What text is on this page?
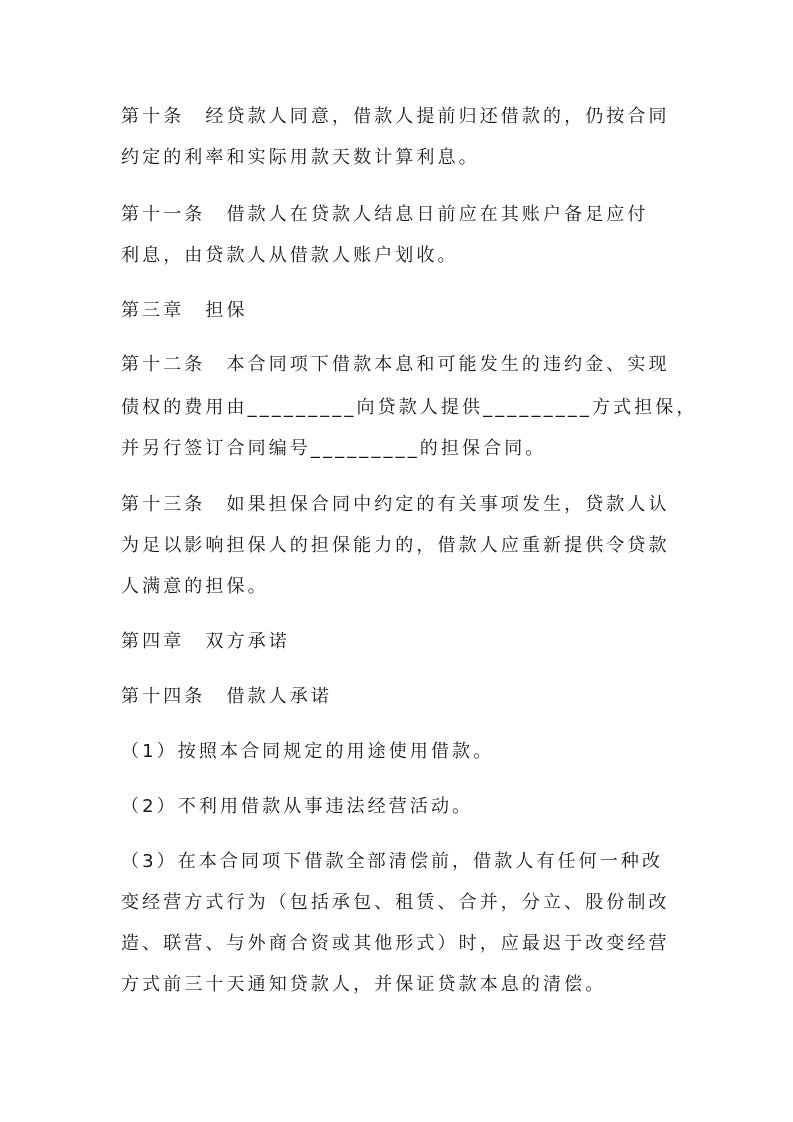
第十条　经贷款人同意，借款人提前归还借款的，仍按合同
约定的利率和实际用款天数计算利息。
第十一条　借款人在贷款人结息日前应在其账户备足应付
利息，由贷款人从借款人账户划收。
第三章　担保
第十二条　本合同项下借款本息和可能发生的违约金、实现
债权的费用由_________向贷款人提供_________方式担保，
并另行签订合同编号_________的担保合同。
第十三条　如果担保合同中约定的有关事项发生，贷款人认
为足以影响担保人的担保能力的，借款人应重新提供令贷款
人满意的担保。
第四章　双方承诺
第十四条　借款人承诺
（1）按照本合同规定的用途使用借款。
（2）不利用借款从事违法经营活动。
（3）在本合同项下借款全部清偿前，借款人有任何一种改
变经营方式行为（包括承包、租赁、合并，分立、股份制改
造、联营、与外商合资或其他形式）时，应最迟于改变经营
方式前三十天通知贷款人，并保证贷款本息的清偿。
